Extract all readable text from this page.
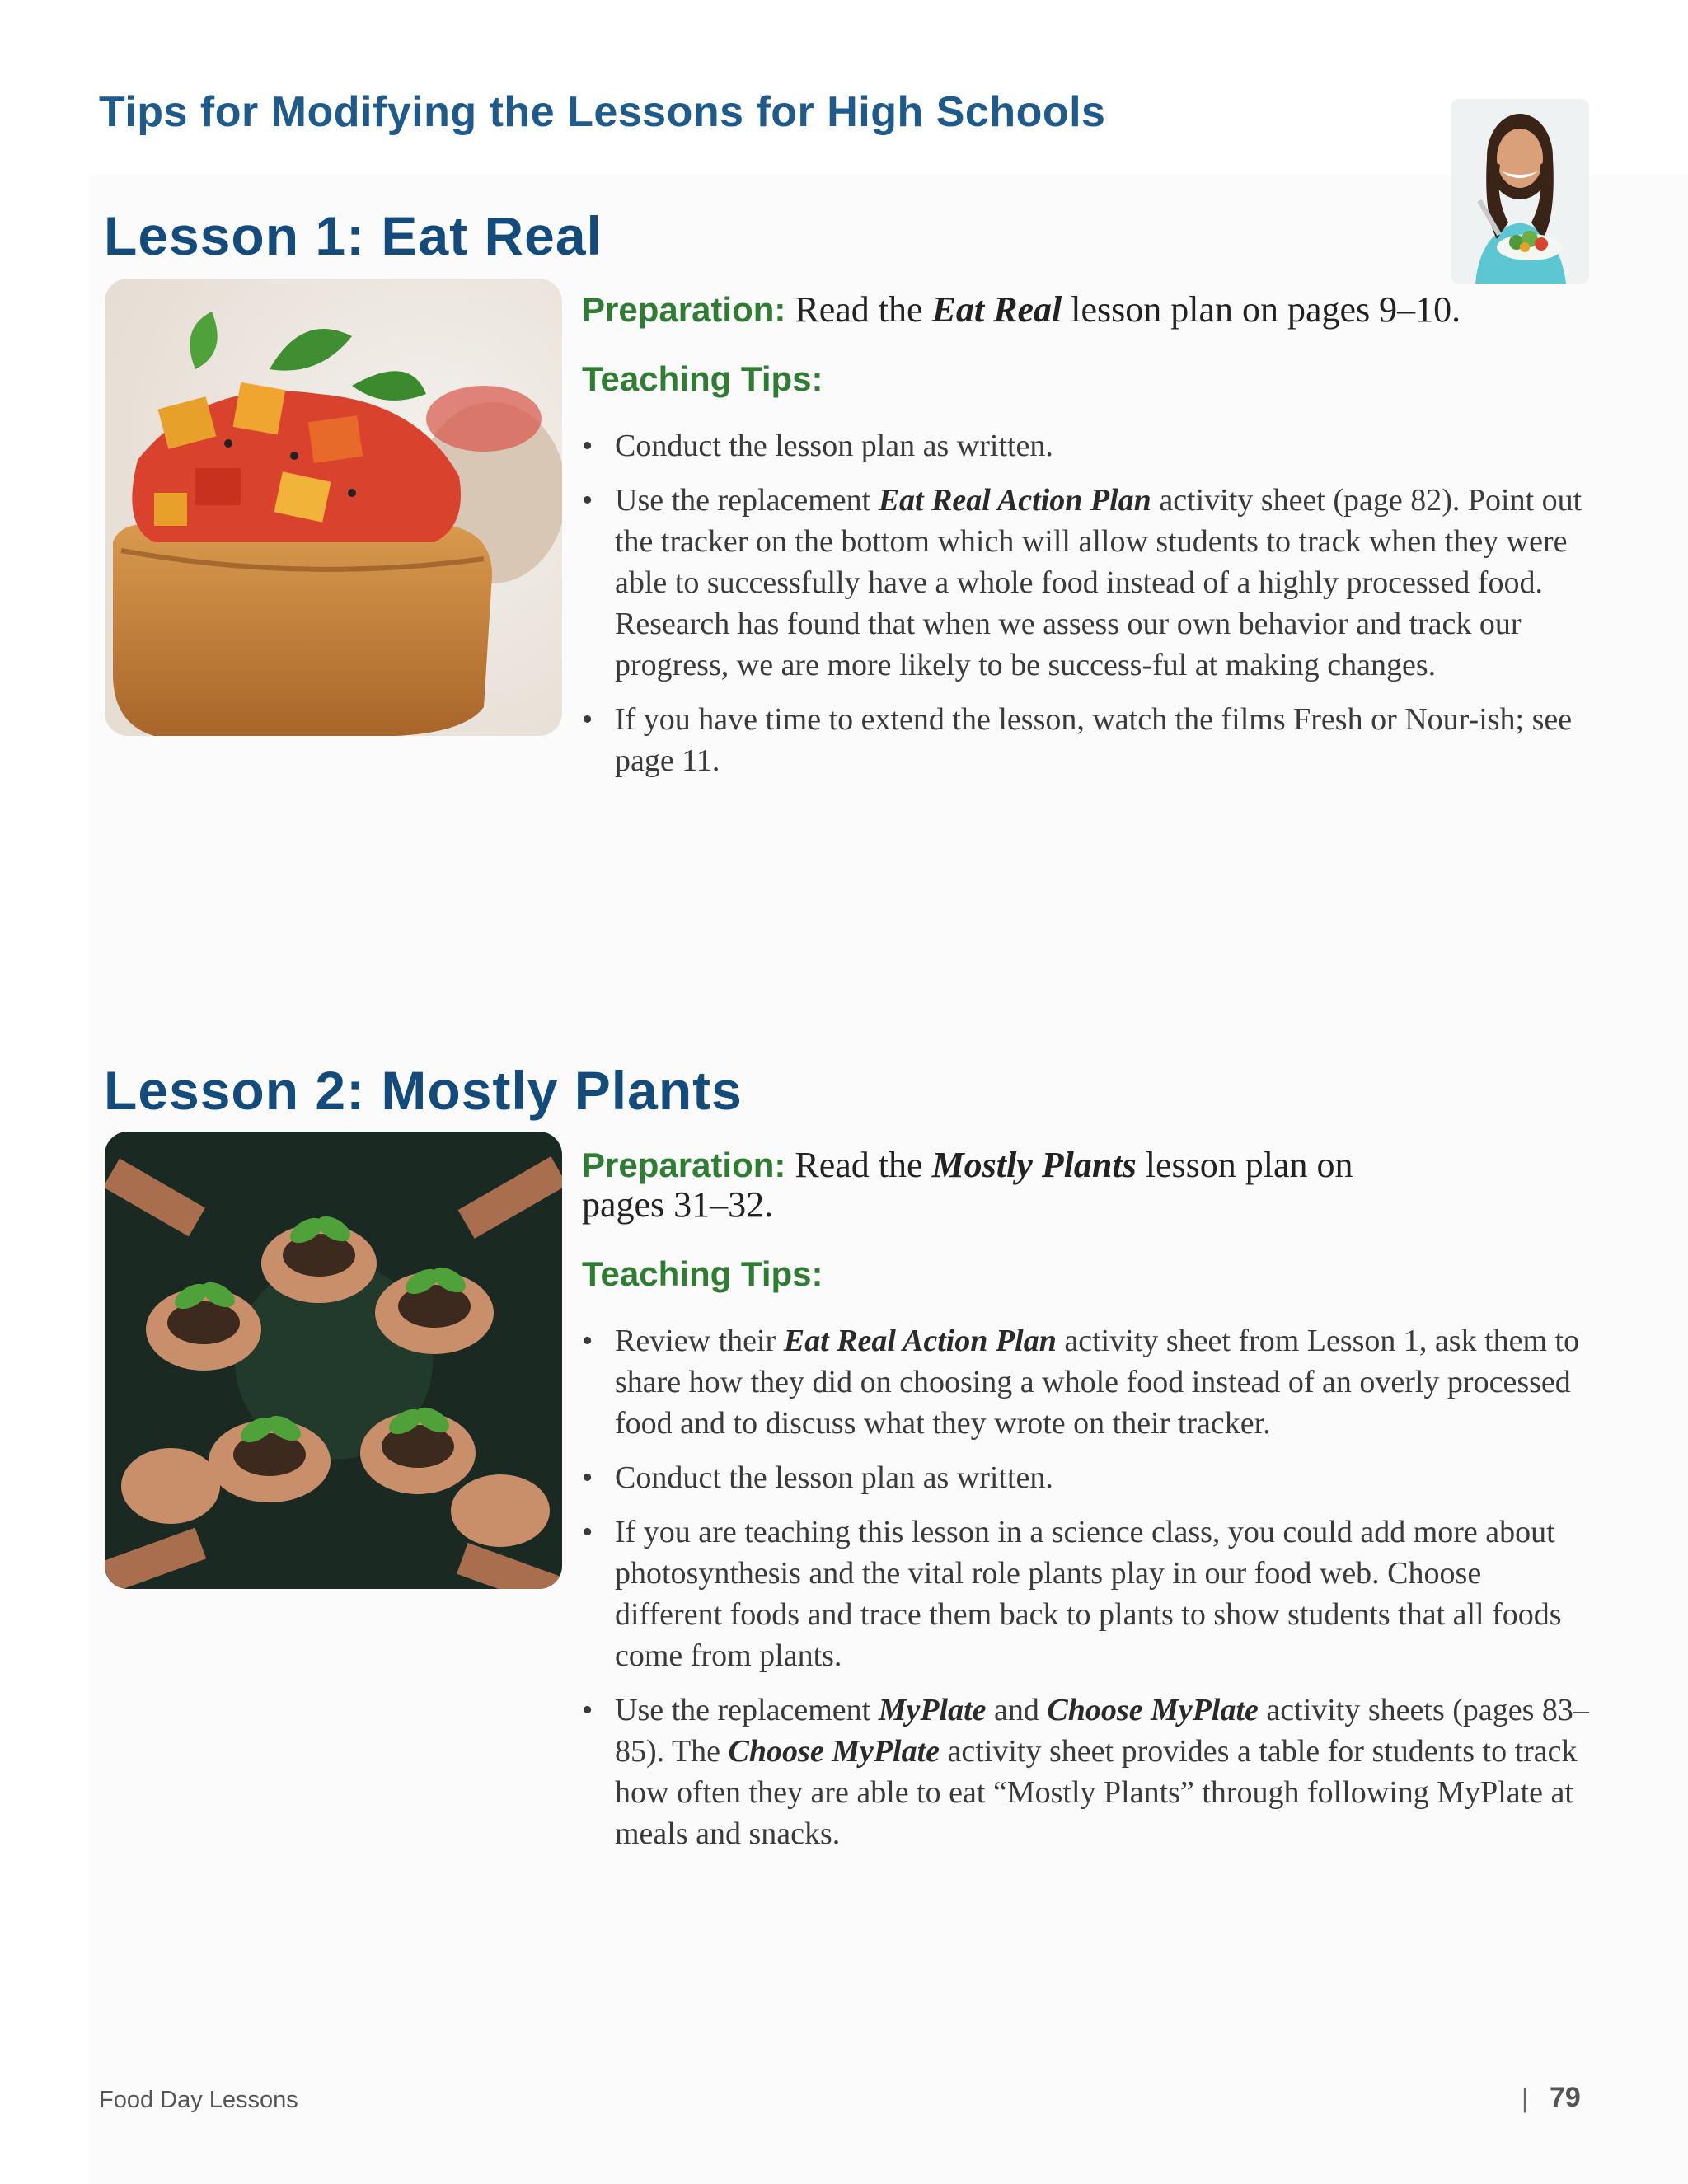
Tips for Modifying the Lessons for High Schools
Lesson 1: Eat Real

Preparation: Read the Eat Real lesson plan on pages 9–10.

Teaching Tips:
• Conduct the lesson plan as written.
• Use the replacement Eat Real Action Plan activity sheet (page 82). Point out the tracker on the bottom which will allow students to track when they were able to successfully have a whole food instead of a highly processed food. Research has found that when we assess our own behavior and track our progress, we are more likely to be success-ful at making changes.
• If you have time to extend the lesson, watch the films Fresh or Nour-ish; see page 11.
Lesson 2: Mostly Plants

Preparation: Read the Mostly Plants lesson plan on
pages 31–32.

Teaching Tips:
• Review their Eat Real Action Plan activity sheet from Lesson 1, ask them to share how they did on choosing a whole food instead of an overly processed food and to discuss what they wrote on their tracker.
• Conduct the lesson plan as written.
• If you are teaching this lesson in a science class, you could add more about photosynthesis and the vital role plants play in our food web. Choose different foods and trace them back to plants to show students that all foods come from plants.
• Use the replacement MyPlate and Choose MyPlate activity sheets (pages 83–85). The Choose MyPlate activity sheet provides a table for students to track how often they are able to eat “Mostly Plants” through following MyPlate at meals and snacks.
Food Day Lessons	| 79
